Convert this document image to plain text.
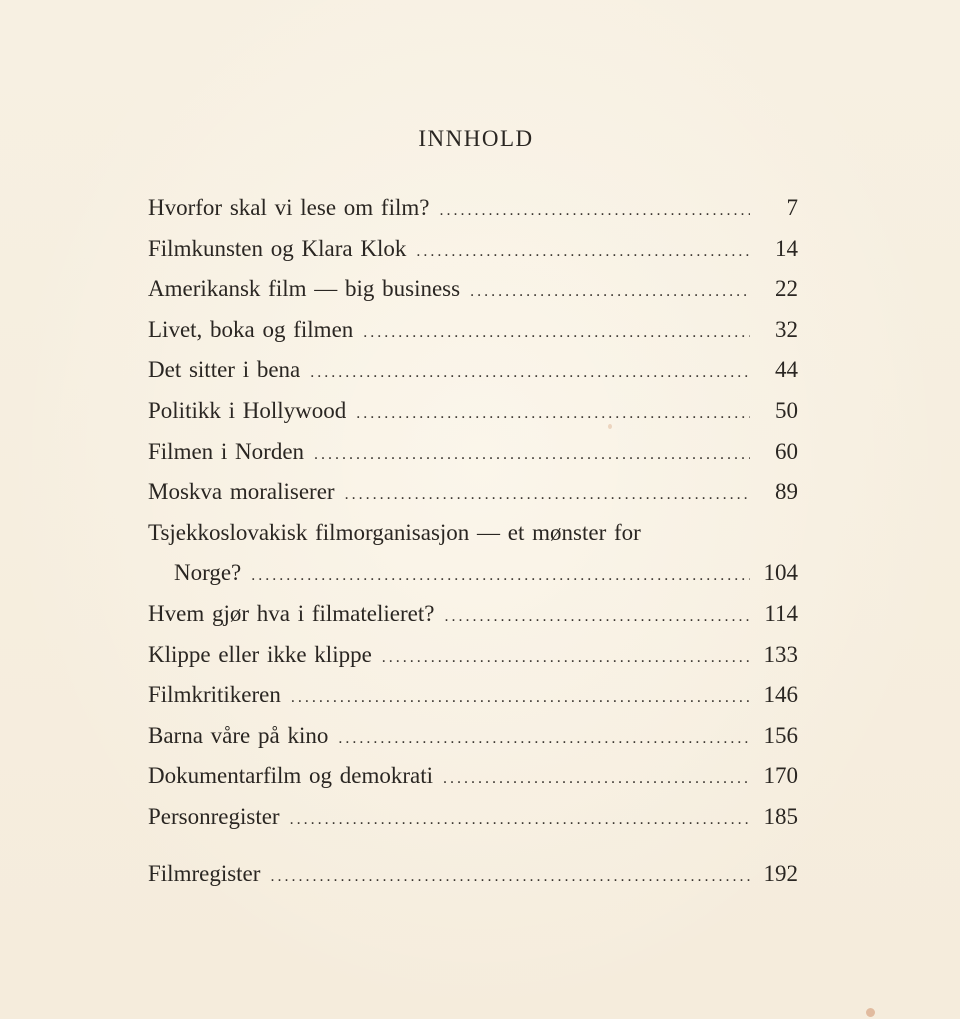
INNHOLD
Hvorfor skal vi lese om film? . . .	7
Filmkunsten og Klara Klok . . .	14
Amerikansk film — big business . . .	22
Livet, boka og filmen . . .	32
Det sitter i bena . . .	44
Politikk i Hollywood . . .	50
Filmen i Norden . . .	60
Moskva moraliserer . . .	89
Tsjekkoslovakisk filmorganisasjon — et mønster for
Norge? . . .	104
Hvem gjør hva i filmatelieret? . . .	114
Klippe eller ikke klippe . . .	133
Filmkritikeren . . .	146
Barna våre på kino . . .	156
Dokumentarfilm og demokrati . . .	170
Personregister . . .	185
Filmregister . . .	192
